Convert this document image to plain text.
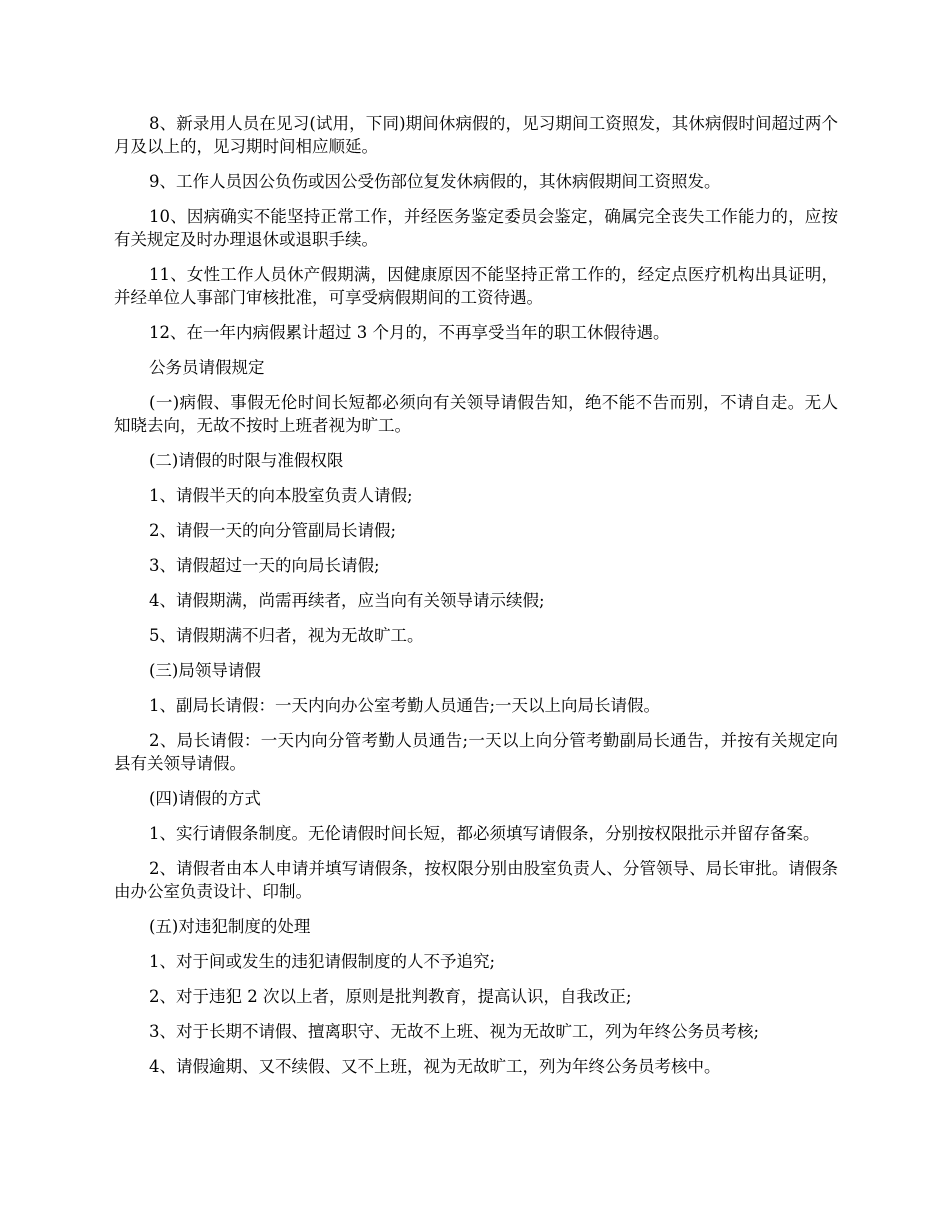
8、新录用人员在见习(试用，下同)期间休病假的，见习期间工资照发，其休病假时间超过两个月及以上的，见习期时间相应顺延。

9、工作人员因公负伤或因公受伤部位复发休病假的，其休病假期间工资照发。

10、因病确实不能坚持正常工作，并经医务鉴定委员会鉴定，确属完全丧失工作能力的，应按有关规定及时办理退休或退职手续。

11、女性工作人员休产假期满，因健康原因不能坚持正常工作的，经定点医疗机构出具证明，并经单位人事部门审核批准，可享受病假期间的工资待遇。

12、在一年内病假累计超过 3 个月的，不再享受当年的职工休假待遇。

公务员请假规定

(一)病假、事假无伦时间长短都必须向有关领导请假告知，绝不能不告而别，不请自走。无人知晓去向，无故不按时上班者视为旷工。

(二)请假的时限与准假权限

1、请假半天的向本股室负责人请假;

2、请假一天的向分管副局长请假;

3、请假超过一天的向局长请假;

4、请假期满，尚需再续者，应当向有关领导请示续假;

5、请假期满不归者，视为无故旷工。

(三)局领导请假

1、副局长请假：一天内向办公室考勤人员通告;一天以上向局长请假。

2、局长请假：一天内向分管考勤人员通告;一天以上向分管考勤副局长通告，并按有关规定向县有关领导请假。

(四)请假的方式

1、实行请假条制度。无伦请假时间长短，都必须填写请假条，分别按权限批示并留存备案。

2、请假者由本人申请并填写请假条，按权限分别由股室负责人、分管领导、局长审批。请假条由办公室负责设计、印制。

(五)对违犯制度的处理

1、对于间或发生的违犯请假制度的人不予追究;

2、对于违犯 2 次以上者，原则是批判教育，提高认识，自我改正;

3、对于长期不请假、擅离职守、无故不上班、视为无故旷工，列为年终公务员考核;

4、请假逾期、又不续假、又不上班，视为无故旷工，列为年终公务员考核中。
